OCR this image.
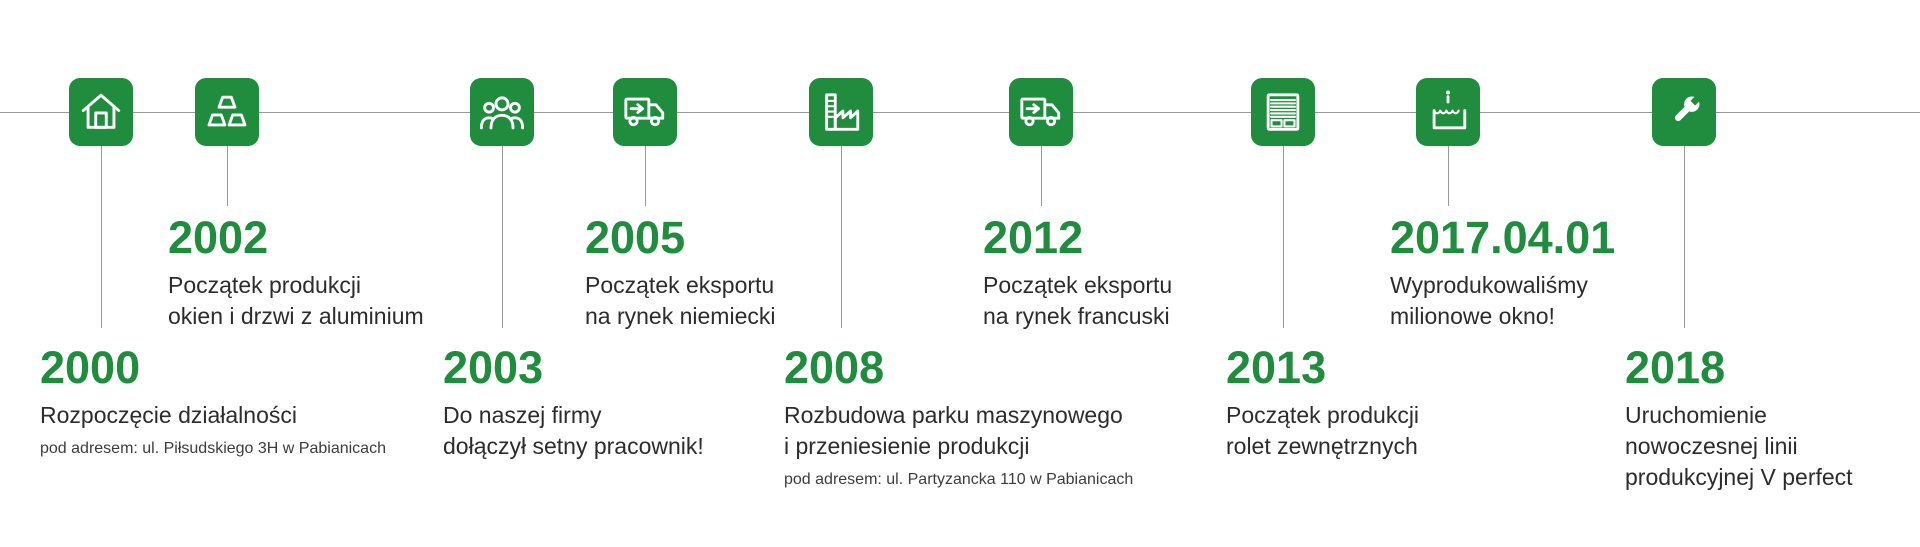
2000
Rozpoczęcie działalności
pod adresem: ul. Piłsudskiego 3H w Pabianicach
2002
Początek produkcji
okien i drzwi z aluminium
2003
Do naszej firmy
dołączył setny pracownik!
2005
Początek eksportu
na rynek niemiecki
2008
Rozbudowa parku maszynowego
i przeniesienie produkcji
pod adresem: ul. Partyzancka 110 w Pabianicach
2012
Początek eksportu
na rynek francuski
2013
Początek produkcji
rolet zewnętrznych
2017.04.01
Wyprodukowaliśmy
milionowe okno!
2018
Uruchomienie
nowoczesnej linii
produkcyjnej V perfect
